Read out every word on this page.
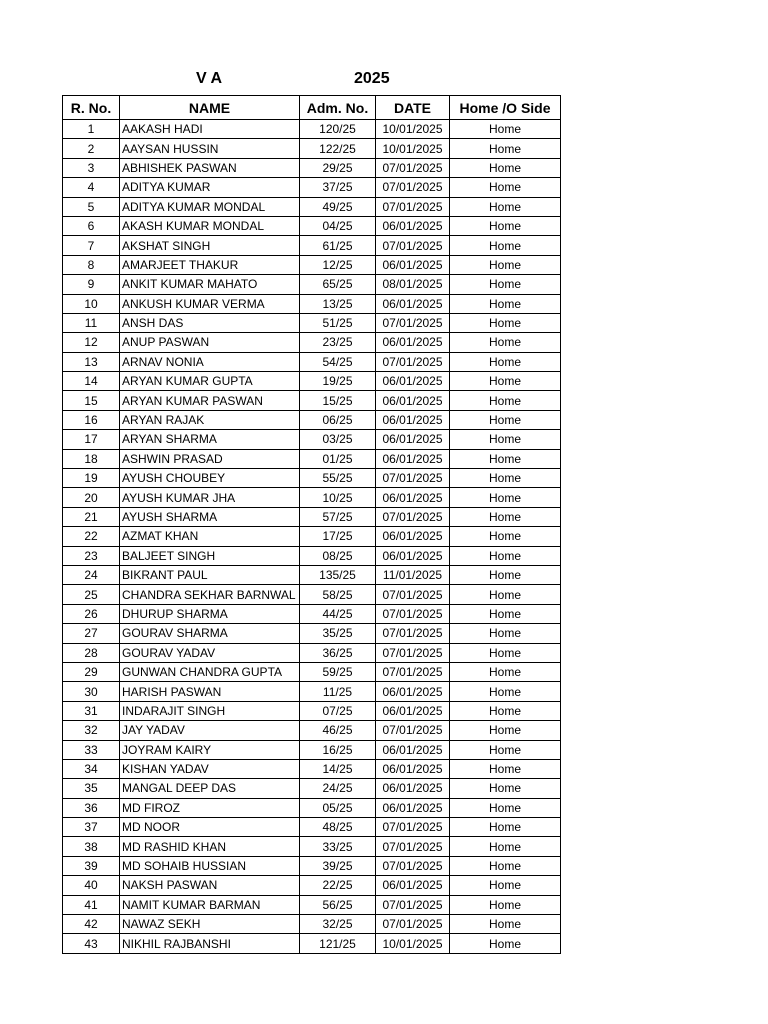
V A	2025
R. No.	NAME	Adm. No.	DATE	Home /O Side
1	AAKASH HADI	120/25	10/01/2025	Home
2	AAYSAN HUSSIN	122/25	10/01/2025	Home
3	ABHISHEK PASWAN	29/25	07/01/2025	Home
4	ADITYA KUMAR	37/25	07/01/2025	Home
5	ADITYA KUMAR MONDAL	49/25	07/01/2025	Home
6	AKASH KUMAR MONDAL	04/25	06/01/2025	Home
7	AKSHAT SINGH	61/25	07/01/2025	Home
8	AMARJEET THAKUR	12/25	06/01/2025	Home
9	ANKIT KUMAR MAHATO	65/25	08/01/2025	Home
10	ANKUSH KUMAR VERMA	13/25	06/01/2025	Home
11	ANSH DAS	51/25	07/01/2025	Home
12	ANUP PASWAN	23/25	06/01/2025	Home
13	ARNAV NONIA	54/25	07/01/2025	Home
14	ARYAN KUMAR GUPTA	19/25	06/01/2025	Home
15	ARYAN KUMAR PASWAN	15/25	06/01/2025	Home
16	ARYAN RAJAK	06/25	06/01/2025	Home
17	ARYAN SHARMA	03/25	06/01/2025	Home
18	ASHWIN PRASAD	01/25	06/01/2025	Home
19	AYUSH CHOUBEY	55/25	07/01/2025	Home
20	AYUSH KUMAR JHA	10/25	06/01/2025	Home
21	AYUSH SHARMA	57/25	07/01/2025	Home
22	AZMAT KHAN	17/25	06/01/2025	Home
23	BALJEET SINGH	08/25	06/01/2025	Home
24	BIKRANT PAUL	135/25	11/01/2025	Home
25	CHANDRA SEKHAR BARNWAL	58/25	07/01/2025	Home
26	DHURUP SHARMA	44/25	07/01/2025	Home
27	GOURAV SHARMA	35/25	07/01/2025	Home
28	GOURAV YADAV	36/25	07/01/2025	Home
29	GUNWAN CHANDRA GUPTA	59/25	07/01/2025	Home
30	HARISH PASWAN	11/25	06/01/2025	Home
31	INDARAJIT SINGH	07/25	06/01/2025	Home
32	JAY YADAV	46/25	07/01/2025	Home
33	JOYRAM KAIRY	16/25	06/01/2025	Home
34	KISHAN YADAV	14/25	06/01/2025	Home
35	MANGAL DEEP DAS	24/25	06/01/2025	Home
36	MD FIROZ	05/25	06/01/2025	Home
37	MD NOOR	48/25	07/01/2025	Home
38	MD RASHID KHAN	33/25	07/01/2025	Home
39	MD SOHAIB HUSSIAN	39/25	07/01/2025	Home
40	NAKSH PASWAN	22/25	06/01/2025	Home
41	NAMIT KUMAR BARMAN	56/25	07/01/2025	Home
42	NAWAZ SEKH	32/25	07/01/2025	Home
43	NIKHIL RAJBANSHI	121/25	10/01/2025	Home
